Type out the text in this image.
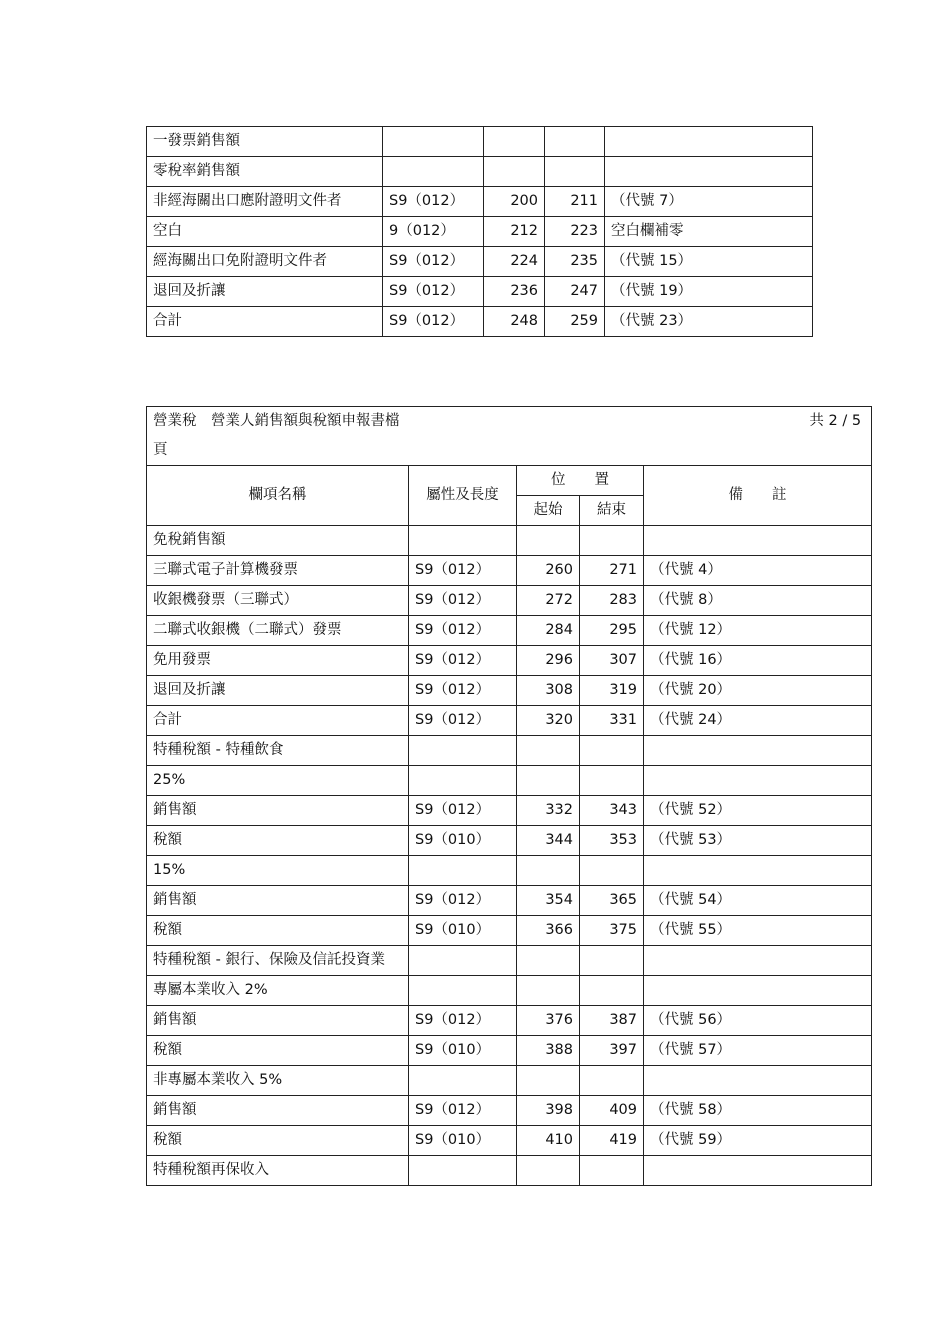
一發票銷售額				
零稅率銷售額				
非經海關出口應附證明文件者	S9（012）	200	211	（代號 7）
空白	9（012）	212	223	空白欄補零
經海關出口免附證明文件者	S9（012）	224	235	（代號 15）
退回及折讓	S9（012）	236	247	（代號 19）
合計	S9（012）	248	259	（代號 23）
營業稅　營業人銷售額與稅額申報書檔
頁
共 2 / 5				

欄項名稱	屬性及長度	位　　置		備　　註
		起始	結束	
免稅銷售額				
三聯式電子計算機發票	S9（012）	260	271	（代號 4）
收銀機發票（三聯式）	S9（012）	272	283	（代號 8）
二聯式收銀機（二聯式）發票	S9（012）	284	295	（代號 12）
免用發票	S9（012）	296	307	（代號 16）
退回及折讓	S9（012）	308	319	（代號 20）
合計	S9（012）	320	331	（代號 24）
特種稅額 - 特種飲食				
25%				
銷售額	S9（012）	332	343	（代號 52）
稅額	S9（010）	344	353	（代號 53）
15%				
銷售額	S9（012）	354	365	（代號 54）
稅額	S9（010）	366	375	（代號 55）
特種稅額 - 銀行、保險及信託投資業				
專屬本業收入 2%				
銷售額	S9（012）	376	387	（代號 56）
稅額	S9（010）	388	397	（代號 57）
非專屬本業收入 5%				
銷售額	S9（012）	398	409	（代號 58）
稅額	S9（010）	410	419	（代號 59）
特種稅額再保收入				
